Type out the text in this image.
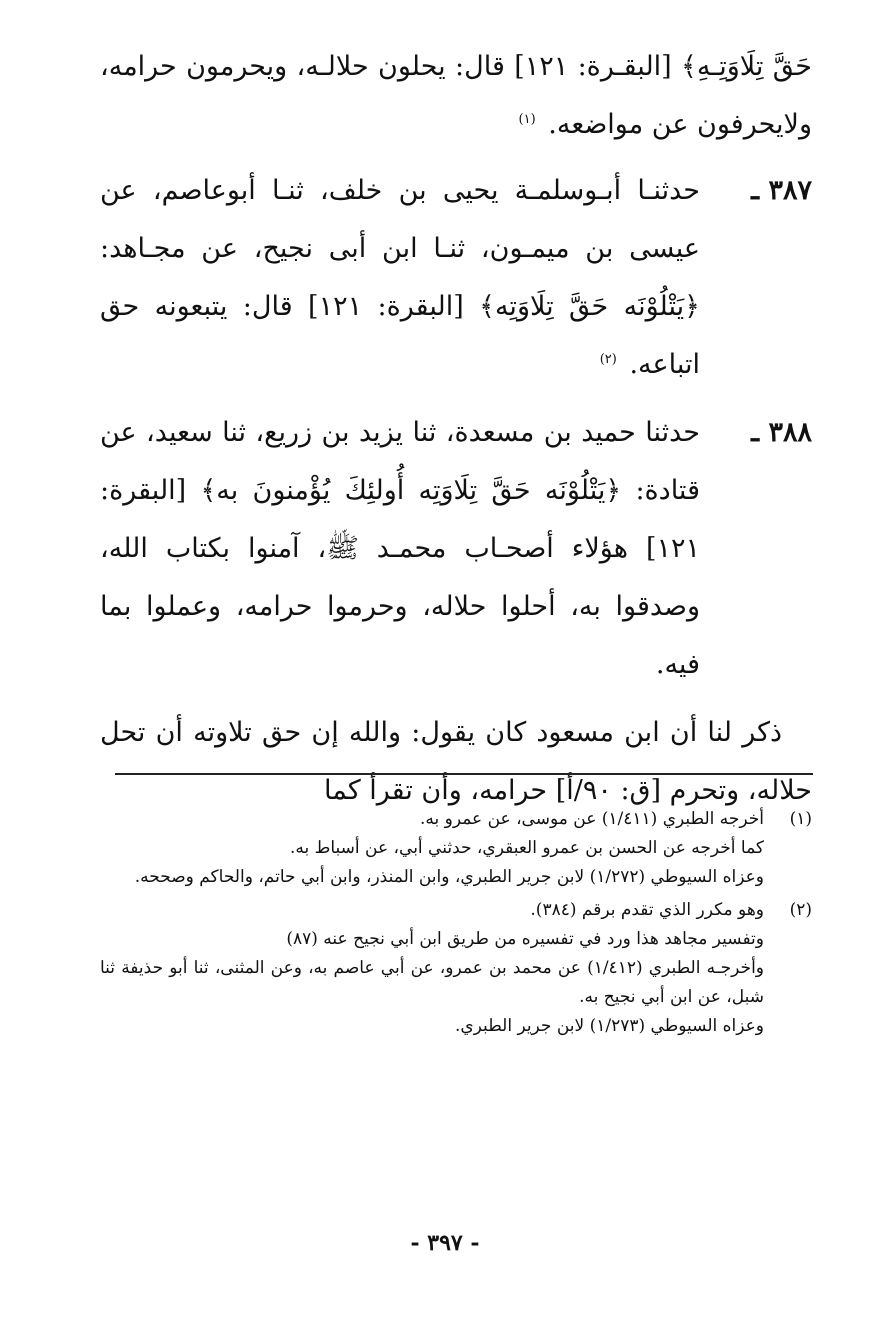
حَقَّ تِلَاوَتِـهِ﴾ [البقـرة: ١٢١] قال: يحلون حلالـه، ويحرمون حرامه، ولايحرفون عن مواضعه. $^{(١)}$

٣٨٧ ـ
حدثنـا أبـوسلمـة يحيى بن خلف، ثنـا أبوعاصم، عن عيسى بن ميمـون، ثنـا ابن أبى نجيح، عن مجـاهد: ﴿يَتْلُوْنَه حَقَّ تِلَاوَتِه﴾ [البقرة: ١٢١] قال: يتبعونه حق اتباعه. $^{(٢)}$
٣٨٨ ـ
حدثنا حميد بن مسعدة، ثنا يزيد بن زريع، ثنا سعيد، عن قتادة: ﴿يَتْلُوْنَه حَقَّ تِلَاوَتِه أُولئِكَ يُؤْمنونَ به﴾ [البقرة: ١٢١] هؤلاء أصحـاب محمـد ﷺ، آمنوا بكتاب الله، وصدقوا به، أحلوا حلاله، وحرموا حرامه، وعملوا بما فيه.

ذكر لنا أن ابن مسعود كان يقول: والله إن حق تلاوته أن تحل حلاله، وتحرم [ق: ٩٠/أ] حرامه، وأن تقرأ كما

(١)

أخرجه الطبري (١/٤١١) عن موسى، عن عمرو به.

كما أخرجه عن الحسن بن عمرو العبقري، حدثني أبي، عن أسباط به.

وعزاه السيوطي (١/٢٧٢) لابن جرير الطبري، وابن المنذر، وابن أبي حاتم، والحاكم وصححه.

(٢)

وهو مكرر الذي تقدم برقم (٣٨٤).

وتفسير مجاهد هذا ورد في تفسيره من طريق ابن أبي نجيح عنه (٨٧)

وأخرجـه الطبري (١/٤١٢) عن محمد بن عمرو، عن أبي عاصم به، وعن المثنى، ثنا أبو حذيفة ثنا شبل، عن ابن أبي نجيح به.

وعزاه السيوطي (١/٢٧٣) لابن جرير الطبري.

- ٣٩٧ -
